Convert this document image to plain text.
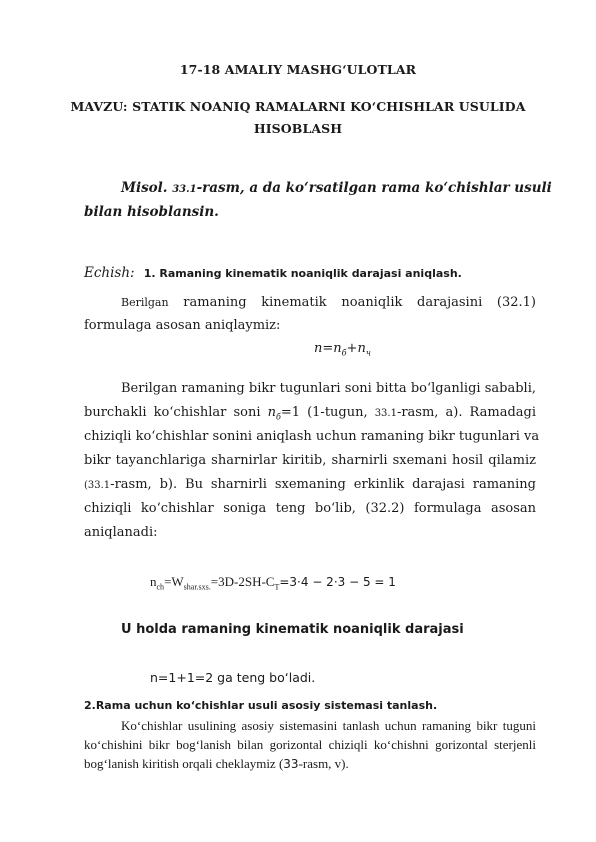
17-18 AMALIY MASHG‘ULOTLAR
MAVZU: STATIK NOANIQ RAMALARNI KO‘CHISHLAR USULIDA
HISOBLASH
Misol. 33.1-rasm, a da ko‘rsatilgan rama ko‘chishlar usuli
bilan hisoblansin.
Echish: 1. Ramaning kinematik noaniqlik darajasi aniqlash.
Berilgan ramaning kinematik noaniqlik darajasini (32.1)
formulaga asosan aniqlaymiz:
$n=n_б+n_ч$
Berilgan ramaning bikr tugunlari soni bitta bo‘lganligi sababli,
burchakli ko‘chishlar soni $n_б=1$ (1-tugun, 33.1-rasm, a). Ramadagi
chiziqli ko‘chishlar sonini aniqlash uchun ramaning bikr tugunlari va
bikr tayanchlariga sharnirlar kiritib, sharnirli sxemani hosil qilamiz
(33.1-rasm, b). Bu sharnirli sxemaning erkinlik darajasi ramaning
chiziqli ko‘chishlar soniga teng bo‘lib, (32.2) formulaga asosan
aniqlanadi:
$n_{ch}=W_{shar.sxs.}=3D-2SH-C_T=3\cdot 4 - 2\cdot 3 - 5 = 1$
U holda ramaning kinematik noaniqlik darajasi
n=1+1=2 ga teng bo‘ladi.
2.Rama uchun ko‘chishlar usuli asosiy sistemasi tanlash.
Ko‘chishlar usulining asosiy sistemasini tanlash uchun ramaning bikr tuguni
ko‘chishini bikr bog‘lanish bilan gorizontal chiziqli ko‘chishni gorizontal sterjenli
bog‘lanish kiritish orqali cheklaymiz (33-rasm, v).
